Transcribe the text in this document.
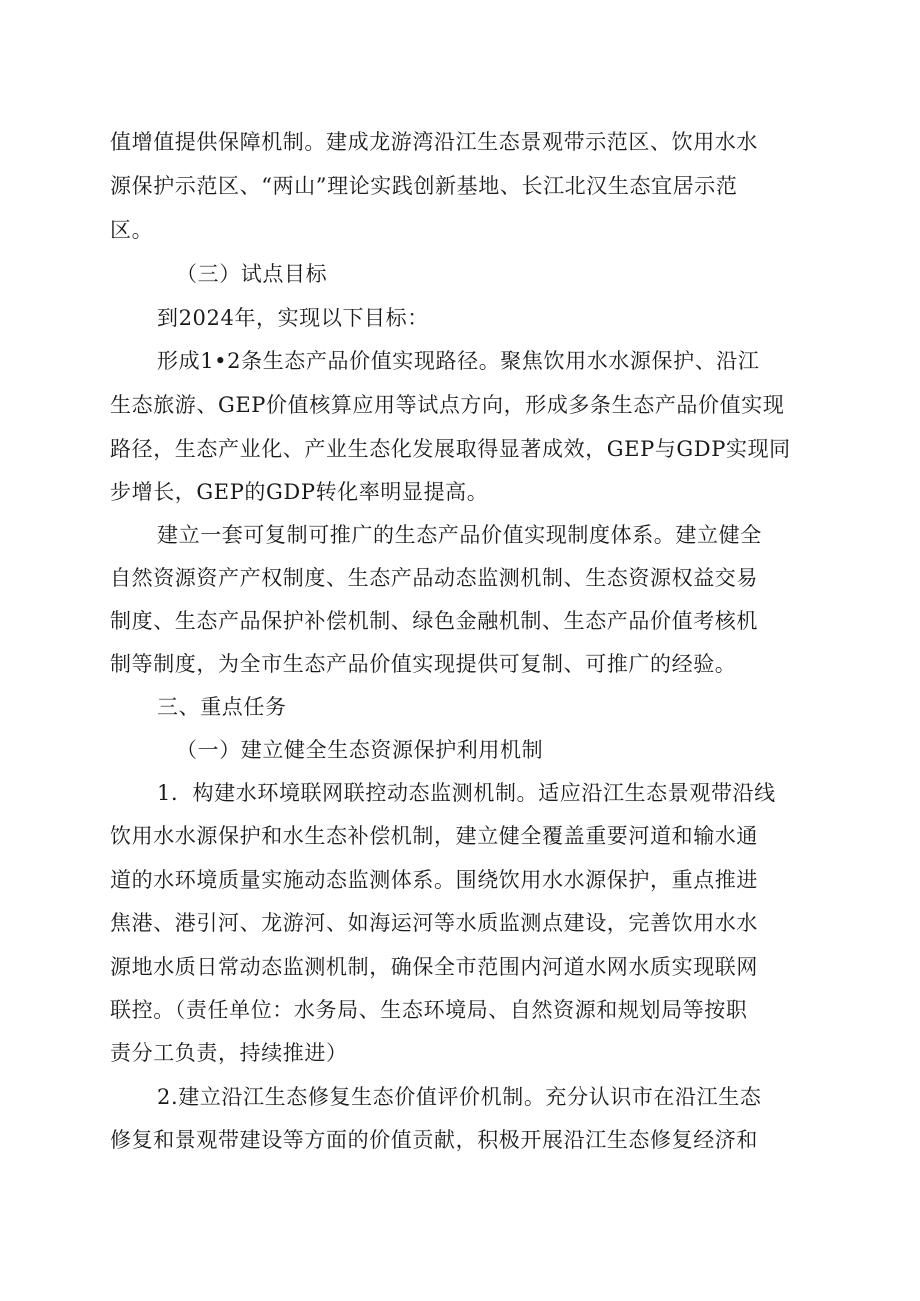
值增值提供保障机制。建成龙游湾沿江生态景观带示范区、饮用水水
源保护示范区、“两山”理论实践创新基地、长江北汉生态宜居示范
区。
（三）试点目标
到2024年，实现以下目标：
形成1•2条生态产品价值实现路径。聚焦饮用水水源保护、沿江
生态旅游、GEP价值核算应用等试点方向，形成多条生态产品价值实现
路径，生态产业化、产业生态化发展取得显著成效，GEP与GDP实现同
步增长，GEP的GDP转化率明显提高。
建立一套可复制可推广的生态产品价值实现制度体系。建立健全
自然资源资产产权制度、生态产品动态监测机制、生态资源权益交易
制度、生态产品保护补偿机制、绿色金融机制、生态产品价值考核机
制等制度，为全市生态产品价值实现提供可复制、可推广的经验。
三、重点任务
（一）建立健全生态资源保护利用机制
1．构建水环境联网联控动态监测机制。适应沿江生态景观带沿线
饮用水水源保护和水生态补偿机制，建立健全覆盖重要河道和输水通
道的水环境质量实施动态监测体系。围绕饮用水水源保护，重点推进
焦港、港引河、龙游河、如海运河等水质监测点建设，完善饮用水水
源地水质日常动态监测机制，确保全市范围内河道水网水质实现联网
联控。（责任单位：水务局、生态环境局、自然资源和规划局等按职
责分工负责，持续推进）
2.建立沿江生态修复生态价值评价机制。充分认识市在沿江生态
修复和景观带建设等方面的价值贡献，积极开展沿江生态修复经济和
